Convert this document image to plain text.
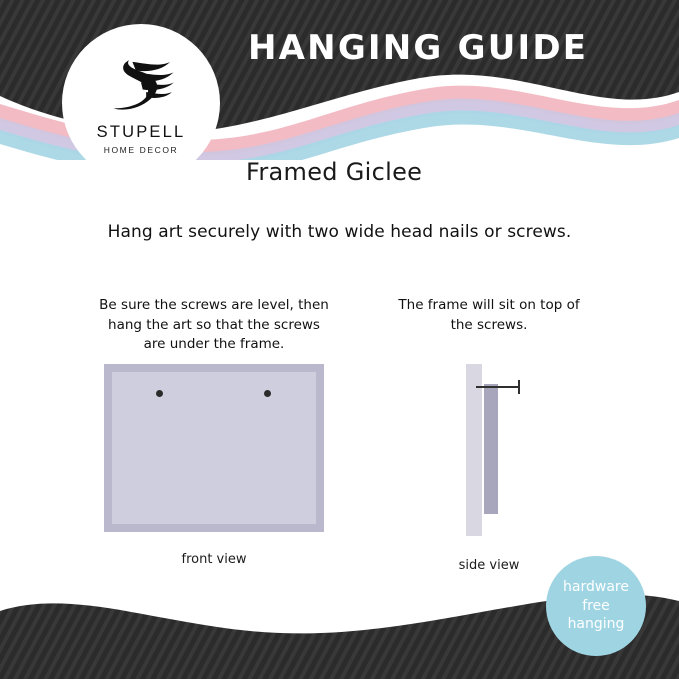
STUPELL
HOME DECOR
HANGING GUIDE
Framed Giclee
Hang art securely with two wide head nails or screws.
Be sure the screws are level, then hang the art so that the screws are under the frame.
The frame will sit on top of the screws.
front view	side view
hardware
free
hanging
